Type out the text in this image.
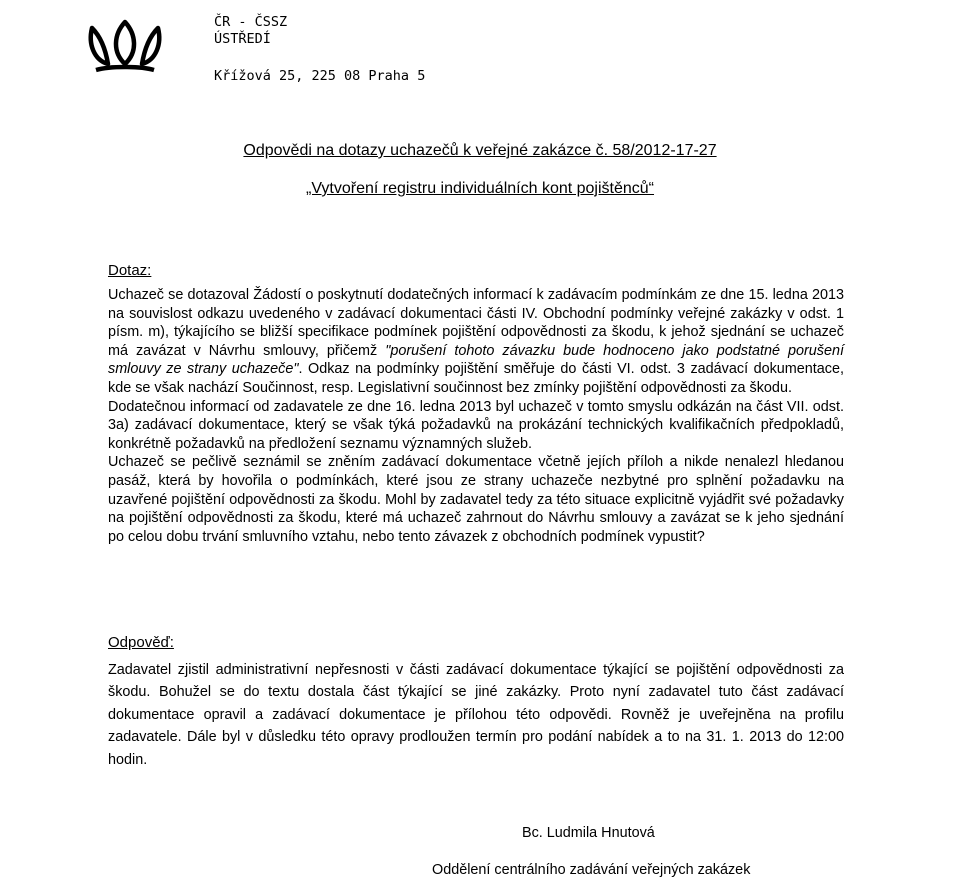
ČR - ČSSZ
ÚSTŘEDÍ
Křížová 25, 225 08 Praha 5
Odpovědi na dotazy uchazečů k veřejné zakázce č. 58/2012-17-27
„Vytvoření registru individuálních kont pojištěnců“
Dotaz:

Uchazeč se dotazoval Žádostí o poskytnutí dodatečných informací k zadávacím podmínkám ze dne 15. ledna 2013 na souvislost odkazu uvedeného v zadávací dokumentaci části IV. Obchodní podmínky veřejné zakázky v odst. 1 písm. m), týkajícího se bližší specifikace podmínek pojištění odpovědnosti za škodu, k jehož sjednání se uchazeč má zavázat v Návrhu smlouvy, přičemž "porušení tohoto závazku bude hodnoceno jako podstatné porušení smlouvy ze strany uchazeče". Odkaz na podmínky pojištění směřuje do části VI. odst. 3 zadávací dokumentace, kde se však nachází Součinnost, resp. Legislativní součinnost bez zmínky pojištění odpovědnosti za škodu.

Dodatečnou informací od zadavatele ze dne 16. ledna 2013 byl uchazeč v tomto smyslu odkázán na část VII. odst. 3a) zadávací dokumentace, který se však týká požadavků na prokázání technických kvalifikačních předpokladů, konkrétně požadavků na předložení seznamu významných služeb.

Uchazeč se pečlivě seznámil se zněním zadávací dokumentace včetně jejích příloh a nikde nenalezl hledanou pasáž, která by hovořila o podmínkách, které jsou ze strany uchazeče nezbytné pro splnění požadavku na uzavřené pojištění odpovědnosti za škodu. Mohl by zadavatel tedy za této situace explicitně vyjádřit své požadavky na pojištění odpovědnosti za škodu, které má uchazeč zahrnout do Návrhu smlouvy a zavázat se k jeho sjednání po celou dobu trvání smluvního vztahu, nebo tento závazek z obchodních podmínek vypustit?

Odpověď:

Zadavatel zjistil administrativní nepřesnosti v části zadávací dokumentace týkající se pojištění odpovědnosti za škodu. Bohužel se do textu dostala část týkající se jiné zakázky. Proto nyní zadavatel tuto část zadávací dokumentace opravil a zadávací dokumentace je přílohou této odpovědi. Rovněž je uveřejněna na profilu zadavatele. Dále byl v důsledku této opravy prodloužen termín pro podání nabídek a to na 31. 1. 2013 do 12:00 hodin.

Bc. Ludmila Hnutová
Oddělení centrálního zadávání veřejných zakázek
